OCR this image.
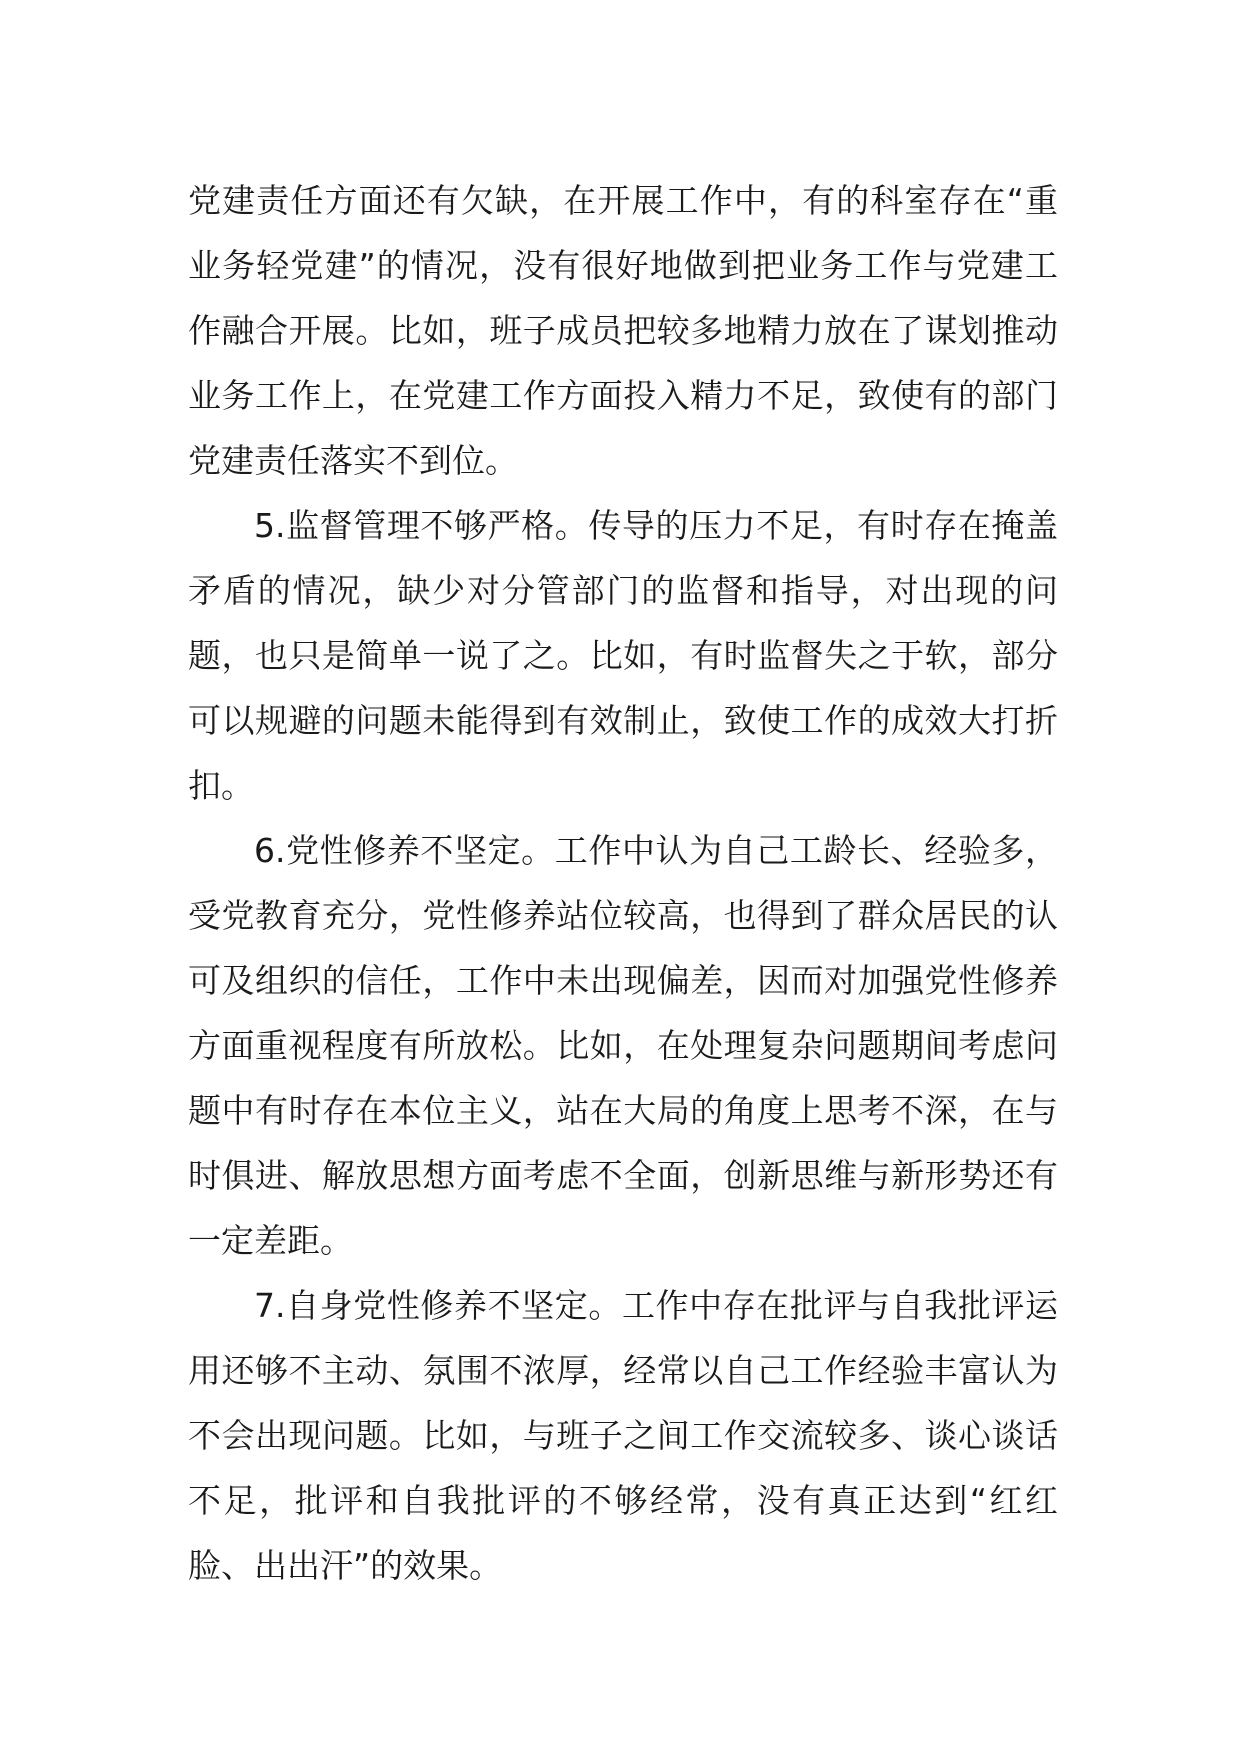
党建责任方面还有欠缺，在开展工作中，有的科室存在“重业务轻党建”的情况，没有很好地做到把业务工作与党建工作融合开展。比如，班子成员把较多地精力放在了谋划推动业务工作上，在党建工作方面投入精力不足，致使有的部门党建责任落实不到位。

5.监督管理不够严格。传导的压力不足，有时存在掩盖矛盾的情况，缺少对分管部门的监督和指导，对出现的问题，也只是简单一说了之。比如，有时监督失之于软，部分可以规避的问题未能得到有效制止，致使工作的成效大打折扣。

6.党性修养不坚定。工作中认为自己工龄长、经验多，受党教育充分，党性修养站位较高，也得到了群众居民的认可及组织的信任，工作中未出现偏差，因而对加强党性修养方面重视程度有所放松。比如，在处理复杂问题期间考虑问题中有时存在本位主义，站在大局的角度上思考不深，在与时俱进、解放思想方面考虑不全面，创新思维与新形势还有一定差距。

7.自身党性修养不坚定。工作中存在批评与自我批评运用还够不主动、氛围不浓厚，经常以自己工作经验丰富认为不会出现问题。比如，与班子之间工作交流较多、谈心谈话不足，批评和自我批评的不够经常，没有真正达到“红红脸、出出汗”的效果。
